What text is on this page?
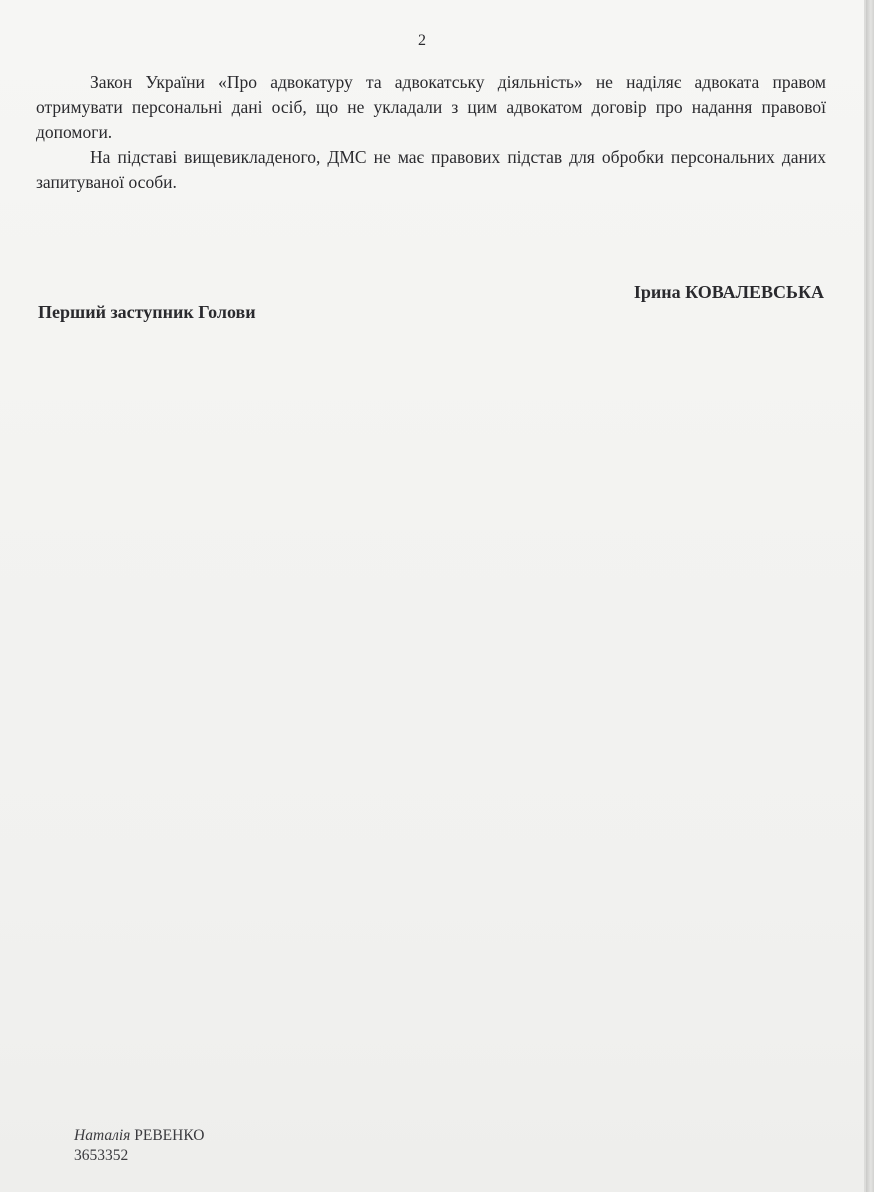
2

Закон України «Про адвокатуру та адвокатську діяльність» не наділяє адвоката правом отримувати персональні дані осіб, що не укладали з цим адвокатом договір про надання правової допомоги.

На підставі вищевикладеного, ДМС не має правових підстав для обробки персональних даних запитуваної особи.

Перший заступник Голови
Ірина КОВАЛЕВСЬКА
Наталія РЕВЕНКО
3653352
